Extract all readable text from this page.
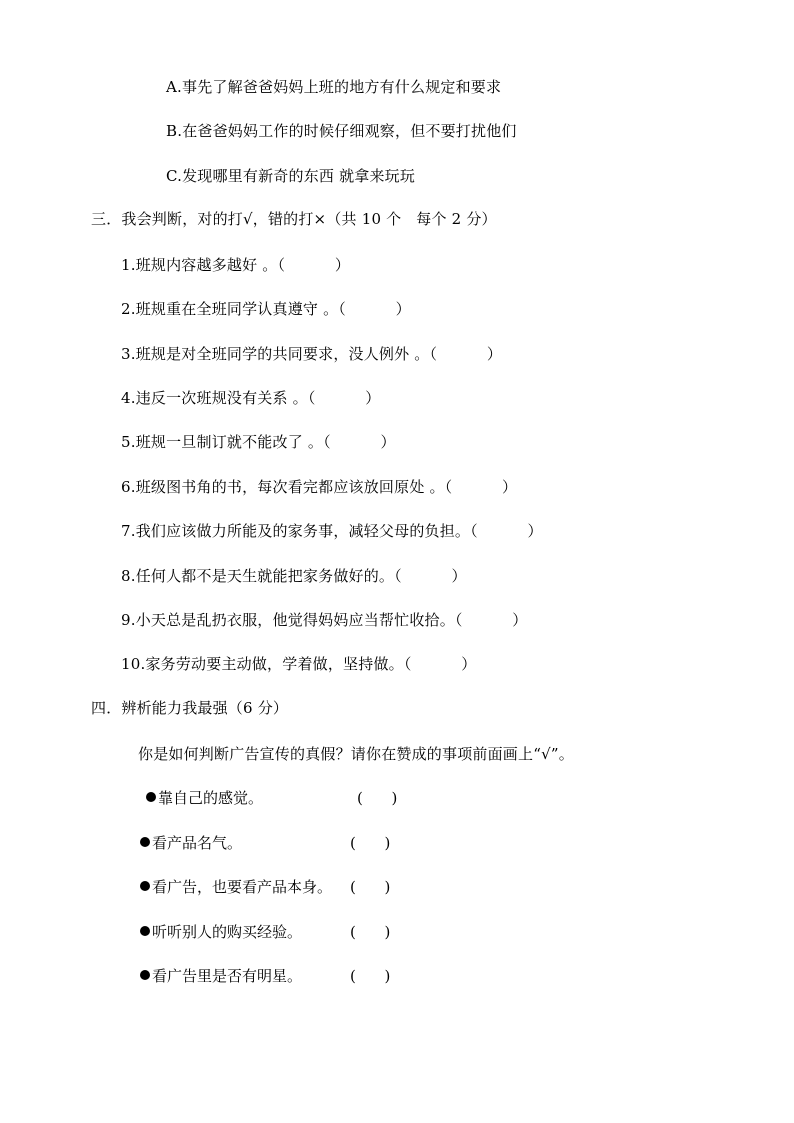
A.事先了解爸爸妈妈上班的地方有什么规定和要求
B.在爸爸妈妈工作的时候仔细观察，但不要打扰他们
C.发现哪里有新奇的东西 就拿来玩玩
三．我会判断，对的打√，错的打×（共 10 个   每个 2 分）
1.班规内容越多越好 。（          ）
2.班规重在全班同学认真遵守 。（          ）
3.班规是对全班同学的共同要求，没人例外 。（          ）
4.违反一次班规没有关系 。（          ）
5.班规一旦制订就不能改了 。（          ）
6.班级图书角的书，每次看完都应该放回原处 。（          ）
7.我们应该做力所能及的家务事，减轻父母的负担。（          ）
8.任何人都不是天生就能把家务做好的。（          ）
9.小天总是乱扔衣服，他觉得妈妈应当帮忙收拾。（          ）
10.家务劳动要主动做，学着做，坚持做。（          ）
四．辨析能力我最强（6 分）
你是如何判断广告宣传的真假？请你在赞成的事项前面画上“√”。
靠自己的感觉。	(      )
看产品名气。	(      )
看广告，也要看产品本身。 (      )
听听别人的购买经验。	(      )
看广告里是否有明星。	(      )
